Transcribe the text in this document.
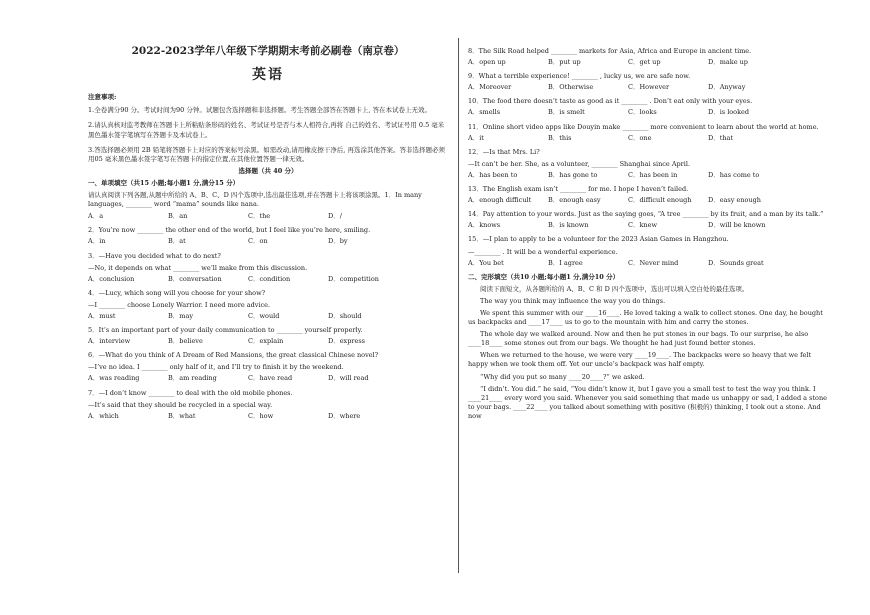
2022-2023学年八年级下学期期末考前必刷卷（南京卷）
英语
注意事项:
1.全卷满分90 分。考试时间为90 分钟。试题包含选择题和非选择题。考生答题全部答在答题卡上, 答在本试卷上无效。
2.请认真核对监考教师在答题卡上所粘贴条形码的姓名、考试证号是否与本人相符合,再将 自己的姓名、考试证号用 0.5 毫米黑色墨水签字笔填写在答题卡及本试卷上。
3.答选择题必须用 2B 铅笔将答题卡上对应的答案标号涂黑。如需改动,请用橡皮擦干净后, 再选涂其他答案。答非选择题必须用05 毫米黑色墨水签字笔写在答题卡的指定位置,在其他位置答题一律无效。
选择题（共 40 分）
一、单项填空（共15 小题;每小题1 分,满分15 分）
请认真阅读下列各题,从题中所给的 A、B、C、D 四个选项中,选出最佳选项,并在答题卡上将该项涂黑。1．In many languages, ________ word “mama” sounds like nana.
A．a	B．an	C．the	D．/
2．You’re now ________ the other end of the world, but I feel like you’re here, smiling.
A．in	B．at	C．on	D．by
3．—Have you decided what to do next?
—No, it depends on what ________ we’ll make from this discussion.
A．conclusion	B．conversation	C．condition	D．competition
4．—Lucy, which song will you choose for your show?
—I ________ choose Lonely Warrior. I need more advice.
A．must	B．may	C．would	D．should
5．It’s an important part of your daily communication to ________ yourself properly.
A．interview	B．believe	C．explain	D．express
6．—What do you think of A Dream of Red Mansions, the great classical Chinese novel?
—I’ve no idea. I ________ only half of it, and I’ll try to finish it by the weekend.
A．was reading	B．am reading	C．have read	D．will read
7．—I don’t know ________ to deal with the old mobile phones.
—It’s said that they should be recycled in a special way.
A．which	B．what	C．how	D．where
8．The Silk Road helped ________ markets for Asia, Africa and Europe in ancient time.
A．open up	B．put up	C．get up	D．make up
9．What a terrible experience! ________ , lucky us, we are safe now.
A．Moreover	B．Otherwise	C．However	D．Anyway
10．The food there doesn’t taste as good as it ________ . Don’t eat only with your eyes.
A．smells	B．is smelt	C．looks	D．is looked
11．Online short video apps like Douyin make ________ more convenient to learn about the world at home.
A．it	B．this	C．one	D．that
12．—Is that Mrs. Li?
—It can’t be her. She, as a volunteer, ________ Shanghai since April.
A．has been to	B．has gone to	C．has been in	D．has come to
13．The English exam isn’t ________ for me. I hope I haven’t failed.
A．enough difficult	B．enough easy	C．difficult enough	D．easy enough
14．Pay attention to your words. Just as the saying goes, “A tree ________ by its fruit, and a man by its talk.”
A．knows	B．is known	C．knew	D．will be known
15．—I plan to apply to be a volunteer for the 2023 Asian Games in Hangzhou.
—________ . It will be a wonderful experience.
A．You bet	B．I agree	C．Never mind	D．Sounds great
二、完形填空（共10 小题;每小题1 分,满分10 分）
阅读下面短文，从各题所给的 A、B、C 和 D 四个选项中，选出可以填入空白处的最佳选项。
The way you think may influence the way you do things.
We spent this summer with our ____16____. He loved taking a walk to collect stones. One day, he bought us backpacks and ____17____ us to go to the mountain with him and carry the stones.
The whole day we walked around. Now and then he put stones in our bags. To our surprise, he also ____18____ some stones out from our bags. We thought he had just found better stones.
When we returned to the house, we were very ____19____. The backpacks were so heavy that we felt happy when we took them off. Yet our uncle’s backpack was half empty.
“Why did you put so many ____20____?” we asked.
“I didn’t. You did.” he said, “You didn’t know it, but I gave you a small test to test the way you think. I ____21____ every word you said. Whenever you said something that made us unhappy or sad, I added a stone to your bags. ____22____ you talked about something with positive (积极的) thinking, I took out a stone. And now
